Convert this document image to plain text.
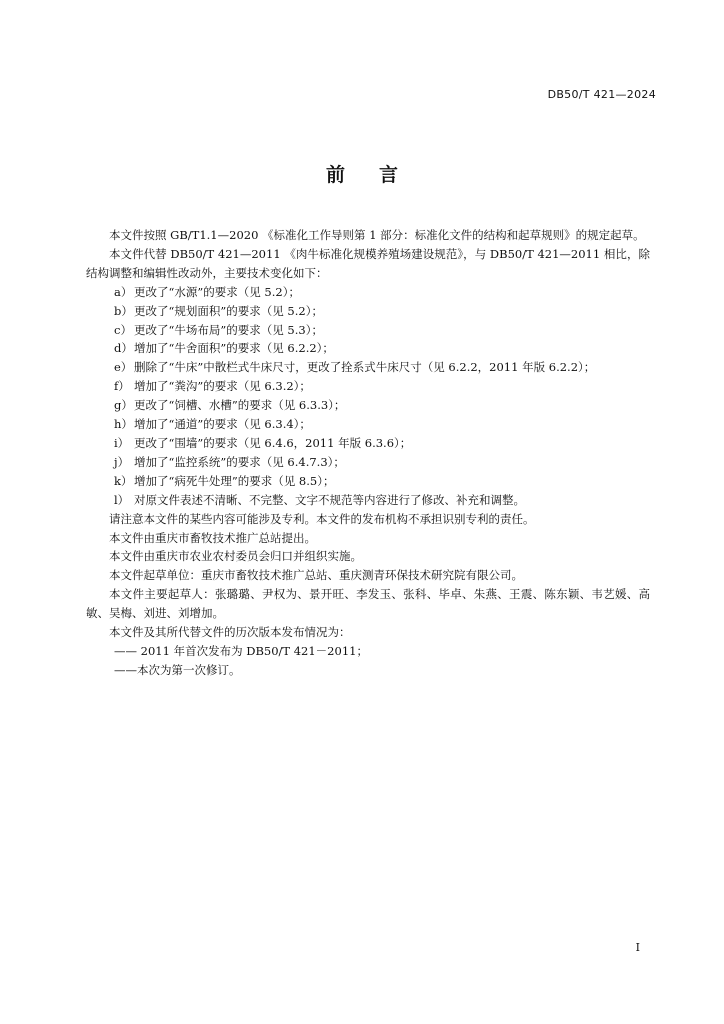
DB50/T 421—2024
前言

本文件按照 GB/T1.1—2020 《标准化工作导则第 1 部分：标准化文件的结构和起草规则》的规定起草。

本文件代替 DB50/T 421—2011 《肉牛标准化规模养殖场建设规范》，与 DB50/T 421—2011 相比，除结构调整和编辑性改动外，主要技术变化如下：

a） 更改了“水源”的要求（见 5.2）；

b）更改了“规划面积”的要求（见 5.2）；

c） 更改了“牛场布局”的要求（见 5.3）；

d）增加了“牛舍面积”的要求（见 6.2.2）；

e） 删除了“牛床”中散栏式牛床尺寸，更改了拴系式牛床尺寸（见 6.2.2，2011 年版 6.2.2）；

f） 增加了“粪沟”的要求（见 6.3.2）；

g）更改了“饲槽、水槽”的要求（见 6.3.3）；

h）增加了“通道”的要求（见 6.3.4）；

i） 更改了“围墙”的要求（见 6.4.6，2011 年版 6.3.6）；

j） 增加了“监控系统”的要求（见 6.4.7.3）；

k） 增加了“病死牛处理”的要求（见 8.5）；

l） 对原文件表述不清晰、不完整、文字不规范等内容进行了修改、补充和调整。

请注意本文件的某些内容可能涉及专利。本文件的发布机构不承担识别专利的责任。

本文件由重庆市畜牧技术推广总站提出。

本文件由重庆市农业农村委员会归口并组织实施。

本文件起草单位：重庆市畜牧技术推广总站、重庆测青环保技术研究院有限公司。

本文件主要起草人：张璐璐、尹权为、景开旺、李发玉、张科、毕卓、朱燕、王震、陈东颖、韦艺媛、高敏、吴梅、刘进、刘增加。

本文件及其所代替文件的历次版本发布情况为：

—— 2011 年首次发布为 DB50/T 421－2011；

——本次为第一次修订。

I
